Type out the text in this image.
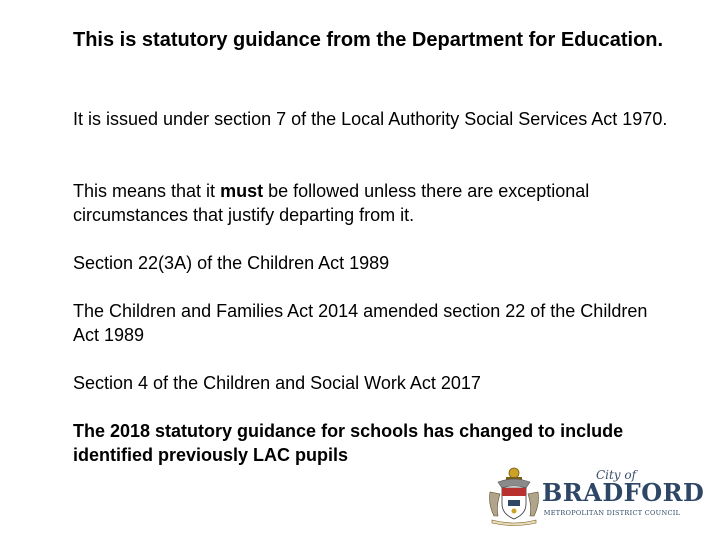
This is statutory guidance from the Department for Education.

It is issued under section 7 of the Local Authority Social Services Act 1970.

This means that it must be followed unless there are exceptional circumstances that justify departing from it.

Section 22(3A) of the Children Act 1989

The Children and Families Act 2014 amended section 22 of the Children Act 1989

Section 4 of the Children and Social Work Act 2017

The 2018 statutory guidance for schools has changed to include identified previously LAC pupils

City of
BRADFORD
METROPOLITAN DISTRICT COUNCIL
